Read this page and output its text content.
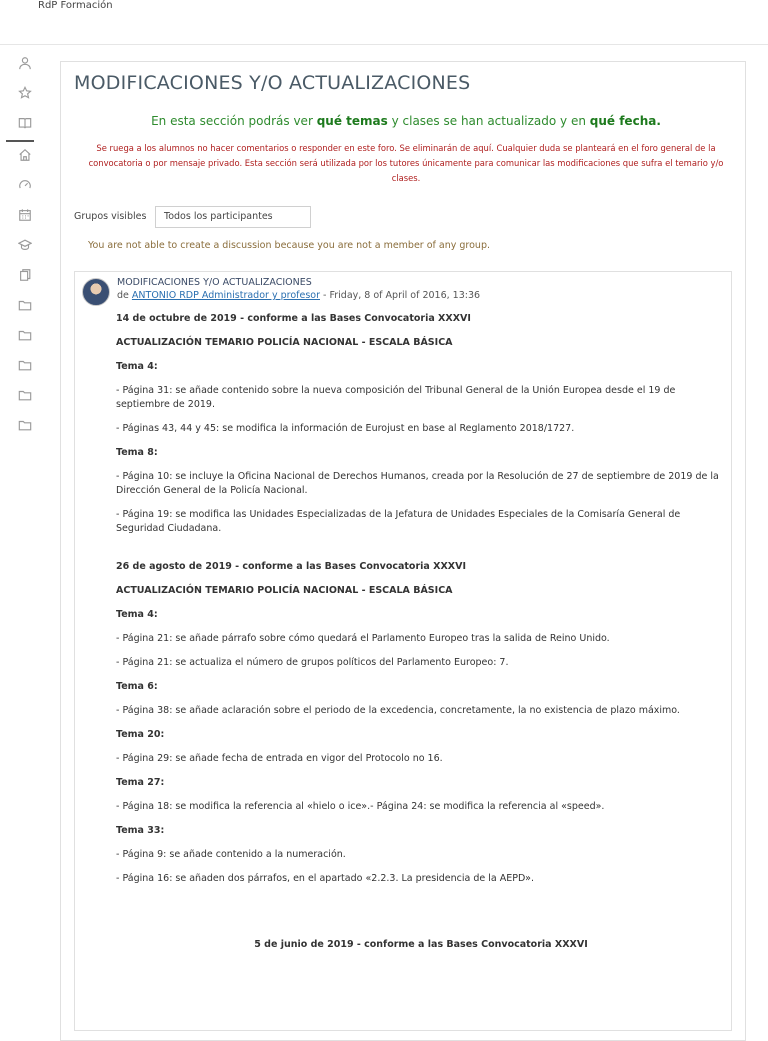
RdP Formación
MODIFICACIONES Y/O ACTUALIZACIONES
En esta sección podrás ver qué temas y clases se han actualizado y en qué fecha.
Se ruega a los alumnos no hacer comentarios o responder en este foro. Se eliminarán de aquí. Cualquier duda se planteará en el foro general de la convocatoria o por mensaje privado. Esta sección será utilizada por los tutores únicamente para comunicar las modificaciones que sufra el temario y/o clases.
Grupos visibles	Todos los participantes
You are not able to create a discussion because you are not a member of any group.
MODIFICACIONES Y/O ACTUALIZACIONES
de ANTONIO RDP Administrador y profesor - Friday, 8 of April of 2016, 13:36

14 de octubre de 2019 - conforme a las Bases Convocatoria XXXVI

ACTUALIZACIÓN TEMARIO POLICÍA NACIONAL - ESCALA BÁSICA

Tema 4:

- Página 31: se añade contenido sobre la nueva composición del Tribunal General de la Unión Europea desde el 19 de septiembre de 2019.

- Páginas 43, 44 y 45: se modifica la información de Eurojust en base al Reglamento 2018/1727.

Tema 8:

- Página 10: se incluye la Oficina Nacional de Derechos Humanos, creada por la Resolución de 27 de septiembre de 2019 de la Dirección General de la Policía Nacional.

- Página 19: se modifica las Unidades Especializadas de la Jefatura de Unidades Especiales de la Comisaría General de Seguridad Ciudadana.

26 de agosto de 2019 - conforme a las Bases Convocatoria XXXVI

ACTUALIZACIÓN TEMARIO POLICÍA NACIONAL - ESCALA BÁSICA

Tema 4:

- Página 21: se añade párrafo sobre cómo quedará el Parlamento Europeo tras la salida de Reino Unido.

- Página 21: se actualiza el número de grupos políticos del Parlamento Europeo: 7.

Tema 6:

- Página 38: se añade aclaración sobre el periodo de la excedencia, concretamente, la no existencia de plazo máximo.

Tema 20:

- Página 29: se añade fecha de entrada en vigor del Protocolo no 16.

Tema 27:

- Página 18: se modifica la referencia al «hielo o ice».- Página 24: se modifica la referencia al «speed».

Tema 33:

- Página 9: se añade contenido a la numeración.

- Página 16: se añaden dos párrafos, en el apartado «2.2.3. La presidencia de la AEPD».

5 de junio de 2019 - conforme a las Bases Convocatoria XXXVI
